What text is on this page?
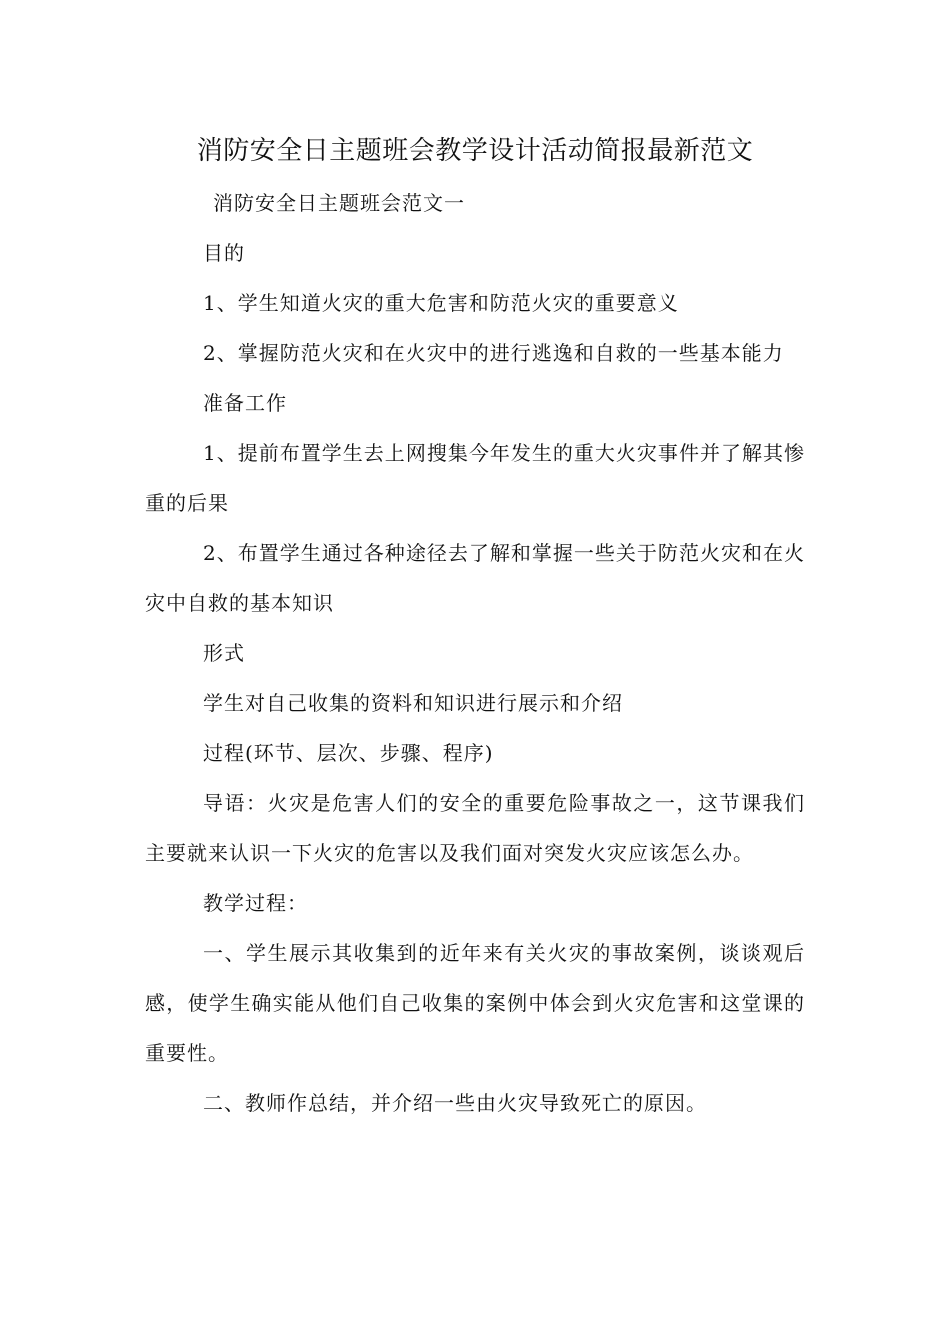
消防安全日主题班会教学设计活动简报最新范文

消防安全日主题班会范文一

目的

1、学生知道火灾的重大危害和防范火灾的重要意义

2、掌握防范火灾和在火灾中的进行逃逸和自救的一些基本能力

准备工作

1、提前布置学生去上网搜集今年发生的重大火灾事件并了解其惨重的后果

2、布置学生通过各种途径去了解和掌握一些关于防范火灾和在火灾中自救的基本知识

形式

学生对自己收集的资料和知识进行展示和介绍

过程(环节、层次、步骤、程序)

导语：火灾是危害人们的安全的重要危险事故之一，这节课我们主要就来认识一下火灾的危害以及我们面对突发火灾应该怎么办。

教学过程：

一、学生展示其收集到的近年来有关火灾的事故案例，谈谈观后感，使学生确实能从他们自己收集的案例中体会到火灾危害和这堂课的重要性。

二、教师作总结，并介绍一些由火灾导致死亡的原因。
